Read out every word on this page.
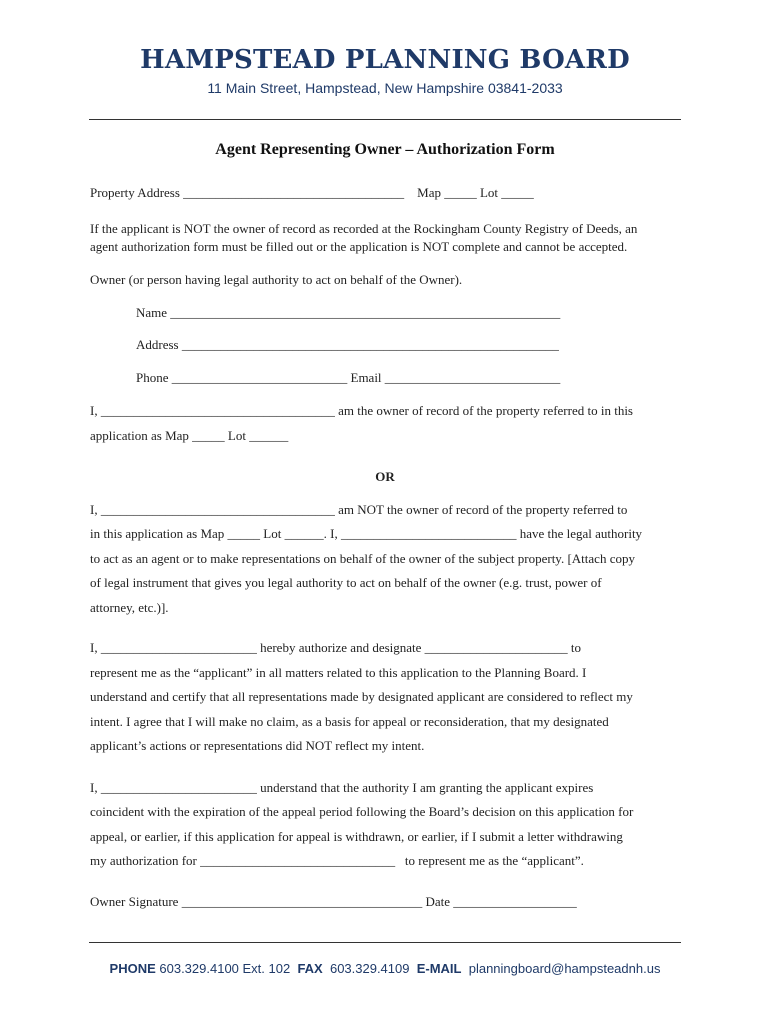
HAMPSTEAD PLANNING BOARD
11 Main Street, Hampstead, New Hampshire 03841-2033
Agent Representing Owner – Authorization Form
Property Address __________________________________    Map _____ Lot _____
If the applicant is NOT the owner of record as recorded at the Rockingham County Registry of Deeds, an
agent authorization form must be filled out or the application is NOT complete and cannot be accepted.
Owner (or person having legal authority to act on behalf of the Owner).
Name ____________________________________________________________
Address __________________________________________________________
Phone ___________________________ Email ___________________________
I, ____________________________________ am the owner of record of the property referred to in this
application as Map _____ Lot ______
OR
I, ____________________________________ am NOT the owner of record of the property referred to
in this application as Map _____ Lot ______. I, ___________________________ have the legal authority
to act as an agent or to make representations on behalf of the owner of the subject property. [Attach copy
of legal instrument that gives you legal authority to act on behalf of the owner (e.g. trust, power of
attorney, etc.)].
I, ________________________ hereby authorize and designate ______________________ to
represent me as the “applicant” in all matters related to this application to the Planning Board. I
understand and certify that all representations made by designated applicant are considered to reflect my
intent. I agree that I will make no claim, as a basis for appeal or reconsideration, that my designated
applicant’s actions or representations did NOT reflect my intent.
I, ________________________ understand that the authority I am granting the applicant expires
coincident with the expiration of the appeal period following the Board’s decision on this application for
appeal, or earlier, if this application for appeal is withdrawn, or earlier, if I submit a letter withdrawing
my authorization for ______________________________   to represent me as the “applicant”.
Owner Signature _____________________________________ Date ___________________
PHONE 603.329.4100 Ext. 102  FAX  603.329.4109  E-MAIL  planningboard@hampsteadnh.us
